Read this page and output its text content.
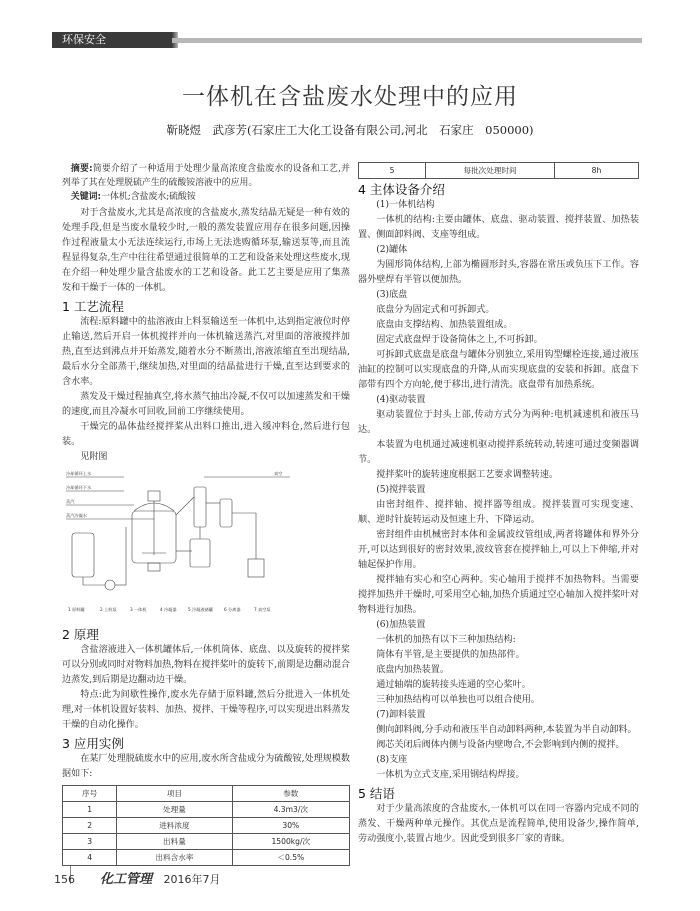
环保安全
一体机在含盐废水处理中的应用
靳晓煜　武彦芳(石家庄工大化工设备有限公司,河北　石家庄　050000)

摘要:简要介绍了一种适用于处理少量高浓度含盐废水的设备和工艺,并列举了其在处理脱硫产生的硫酸铵溶液中的应用。

关键词:一体机;含盐废水;硫酸铵

对于含盐废水,尤其是高浓度的含盐废水,蒸发结晶无疑是一种有效的处理手段,但是当废水量较少时,一般的蒸发装置应用存在很多问题,因操作过程液量太小无法连续运行,市场上无法选购循环泵,输送泵等,而且流程显得复杂,生产中往往希望通过很简单的工艺和设备来处理这些废水,现在介绍一种处理少量含盐废水的工艺和设备。此工艺主要是应用了集蒸发和干燥于一体的一体机。

1 工艺流程

流程:原料罐中的盐溶液由上料泵输送至一体机中,达到指定液位时停止输送,然后开启一体机搅拌并向一体机输送蒸汽,对里面的溶液搅拌加热,直至达到沸点并开始蒸发,随着水分不断蒸出,溶液浓缩直至出现结晶,最后水分全部蒸干,继续加热,对里面的结晶盐进行干燥,直至达到要求的含水率。

蒸发及干燥过程抽真空,将水蒸气抽出冷凝,不仅可以加速蒸发和干燥的速度,而且冷凝水可回收,回前工序继续使用。

干燥完的晶体盐经搅拌桨从出料口推出,进入缓冲料仓,然后进行包装。

见附图

冷却循环上水
冷却循环下水
蒸汽
蒸汽冷凝水
真空
1 原料罐	2 上料泵	3 一体机	4 冷凝器	5 冷凝液储罐	6 分离器	7 真空泵
2 原理

含盐溶液进入一体机罐体后,一体机筒体、底盘、以及旋转的搅拌桨可以分别或同时对物料加热,物料在搅拌桨叶的旋转下,前期是边翻动混合边蒸发,到后期是边翻动边干燥。

特点:此为间歇性操作,废水先存储于原料罐,然后分批进入一体机处理,对一体机设置好装料、加热、搅拌、干燥等程序,可以实现进出料蒸发干燥的自动化操作。

3 应用实例

在某厂处理脱硫废水中的应用,废水所含盐成分为硫酸铵,处理规模数据如下:

序号	项目	参数
1	处理量	4.3m3/次
2	进料浓度	30%
3	出料量	1500kg/次
4	出料含水率	＜0.5%
5	每批次处理时间	8h
4 主体设备介绍

(1)一体机结构

一体机的结构:主要由罐体、底盘、驱动装置、搅拌装置、加热装置、侧面卸料阀、支座等组成。

(2)罐体

为圆形筒体结构,上部为椭圆形封头,容器在常压或负压下工作。容器外壁焊有半管以便加热。

(3)底盘

底盘分为固定式和可拆卸式。

底盘由支撑结构、加热装置组成。

固定式底盘焊于设备筒体之上,不可拆卸。

可拆卸式底盘是底盘与罐体分别独立,采用钩型螺栓连接,通过液压油缸的控制可以实现底盘的升降,从而实现底盘的安装和拆卸。底盘下部带有四个方向轮,便于移出,进行清洗。底盘带有加热系统。

(4)驱动装置

驱动装置位于封头上部,传动方式分为两种:电机减速机和液压马达。

本装置为电机通过减速机驱动搅拌系统转动,转速可通过变频器调节。

搅拌桨叶的旋转速度根据工艺要求调整转速。

(5)搅拌装置

由密封组件、搅拌轴、搅拌器等组成。搅拌装置可实现变速、顺、逆时针旋转运动及恒速上升、下降运动。

密封组件由机械密封本体和金属波纹管组成,两者将罐体和界外分开,可以达到很好的密封效果,波纹管套在搅拌轴上,可以上下伸缩,并对轴起保护作用。

搅拌轴有实心和空心两种。实心轴用于搅拌不加热物料。当需要搅拌加热并干燥时,可采用空心轴,加热介质通过空心轴加入搅拌桨叶对物料进行加热。

(6)加热装置

一体机的加热有以下三种加热结构:

筒体有半管,是主要提供的加热部件。

底盘内加热装置。

通过轴端的旋转接头连通的空心桨叶。

三种加热结构可以单独也可以组合使用。

(7)卸料装置

侧向卸料阀,分手动和液压半自动卸料两种,本装置为半自动卸料。

阀芯关闭后阀体内侧与设备内壁吻合,不会影响到内侧的搅拌。

(8)支座

一体机为立式支座,采用钢结构焊接。

5 结语

对于少量高浓度的含盐废水,一体机可以在同一容器内完成不同的蒸发、干燥两种单元操作。其优点是流程简单,使用设备少,操作简单,劳动强度小,装置占地少。因此受到很多厂家的青睐。

156 化工管理 2016年7月
